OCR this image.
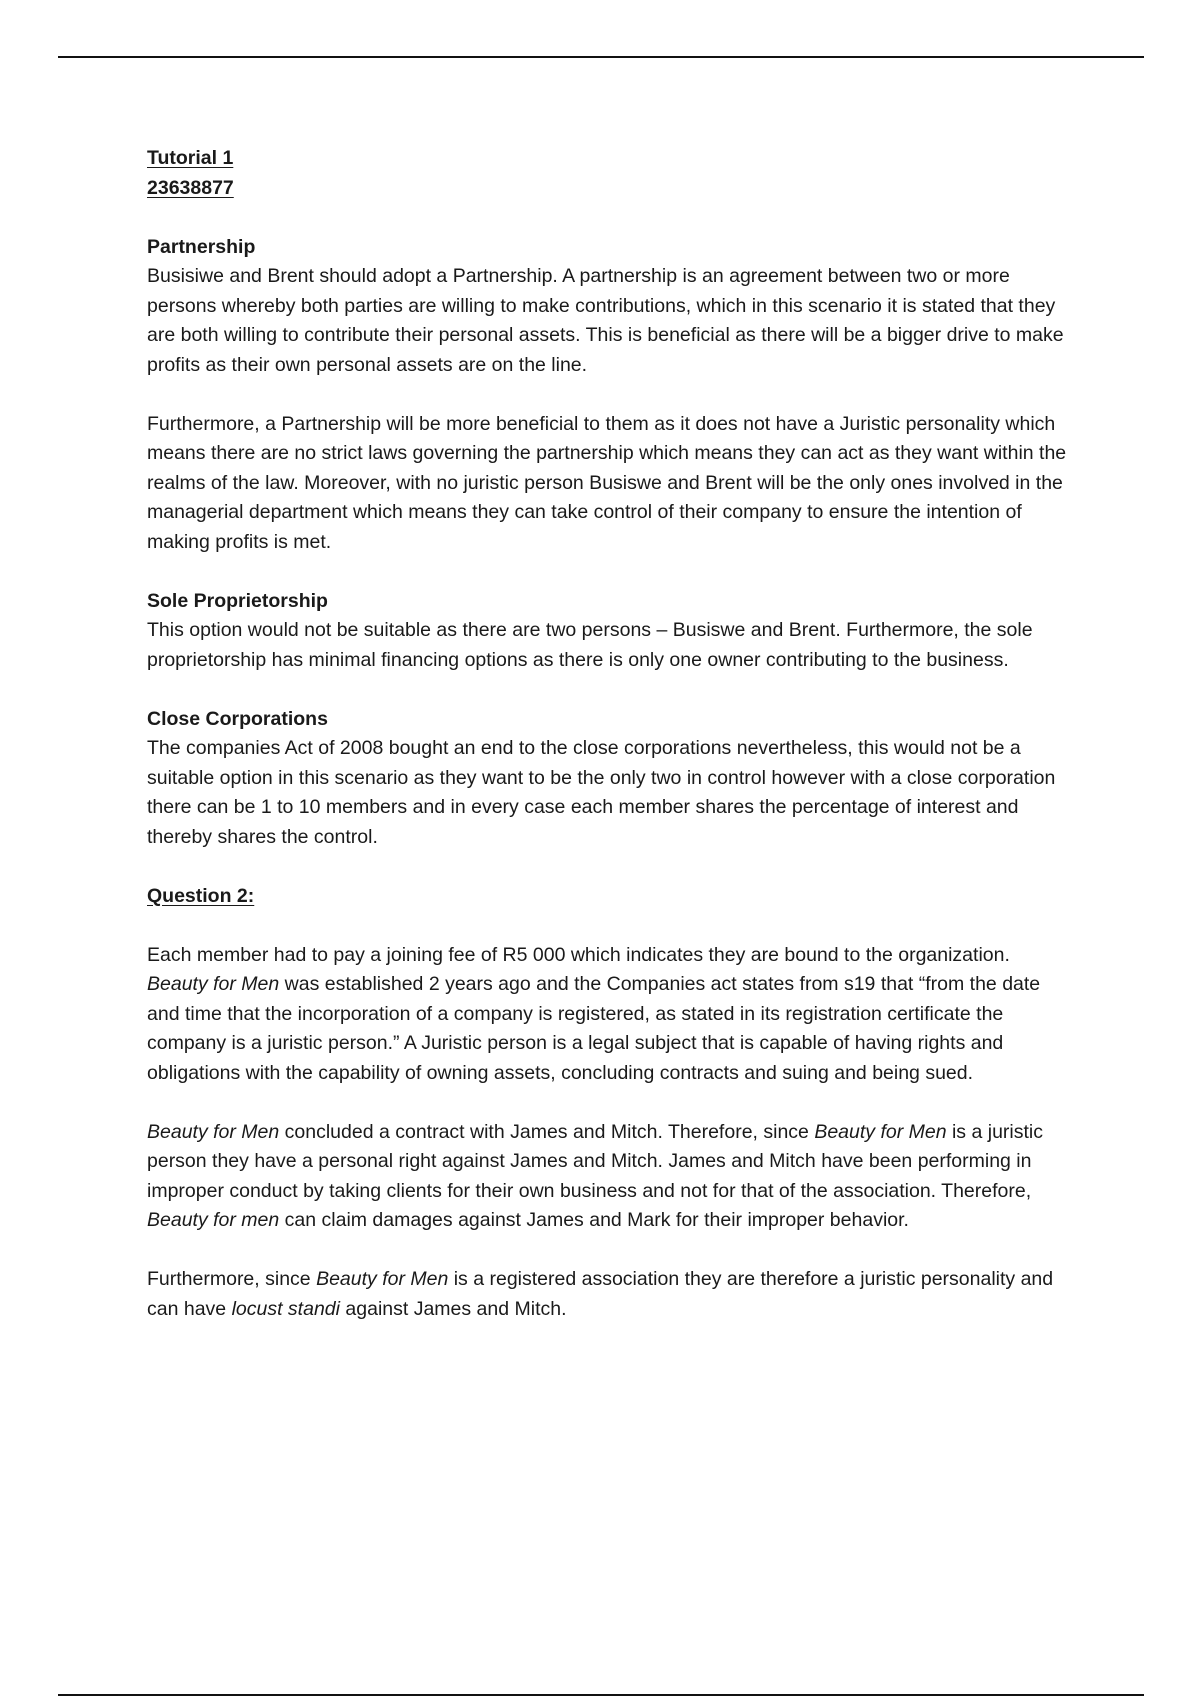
Tutorial 1
23638877

Partnership

Busisiwe and Brent should adopt a Partnership. A partnership is an agreement between two or more persons whereby both parties are willing to make contributions, which in this scenario it is stated that they are both willing to contribute their personal assets. This is beneficial as there will be a bigger drive to make profits as their own personal assets are on the line.

Furthermore, a Partnership will be more beneficial to them as it does not have a Juristic personality which means there are no strict laws governing the partnership which means they can act as they want within the realms of the law. Moreover, with no juristic person Busiswe and Brent will be the only ones involved in the managerial department which means they can take control of their company to ensure the intention of making profits is met.

Sole Proprietorship

This option would not be suitable as there are two persons – Busiswe and Brent. Furthermore, the sole proprietorship has minimal financing options as there is only one owner contributing to the business.

Close Corporations

The companies Act of 2008 bought an end to the close corporations nevertheless, this would not be a suitable option in this scenario as they want to be the only two in control however with a close corporation there can be 1 to 10 members and in every case each member shares the percentage of interest and thereby shares the control.

Question 2:

Each member had to pay a joining fee of R5 000 which indicates they are bound to the organization. Beauty for Men was established 2 years ago and the Companies act states from s19 that “from the date and time that the incorporation of a company is registered, as stated in its registration certificate the company is a juristic person.” A Juristic person is a legal subject that is capable of having rights and obligations with the capability of owning assets, concluding contracts and suing and being sued.

Beauty for Men concluded a contract with James and Mitch. Therefore, since Beauty for Men is a juristic person they have a personal right against James and Mitch. James and Mitch have been performing in improper conduct by taking clients for their own business and not for that of the association. Therefore, Beauty for men can claim damages against James and Mark for their improper behavior.

Furthermore, since Beauty for Men is a registered association they are therefore a juristic personality and can have locust standi against James and Mitch.
